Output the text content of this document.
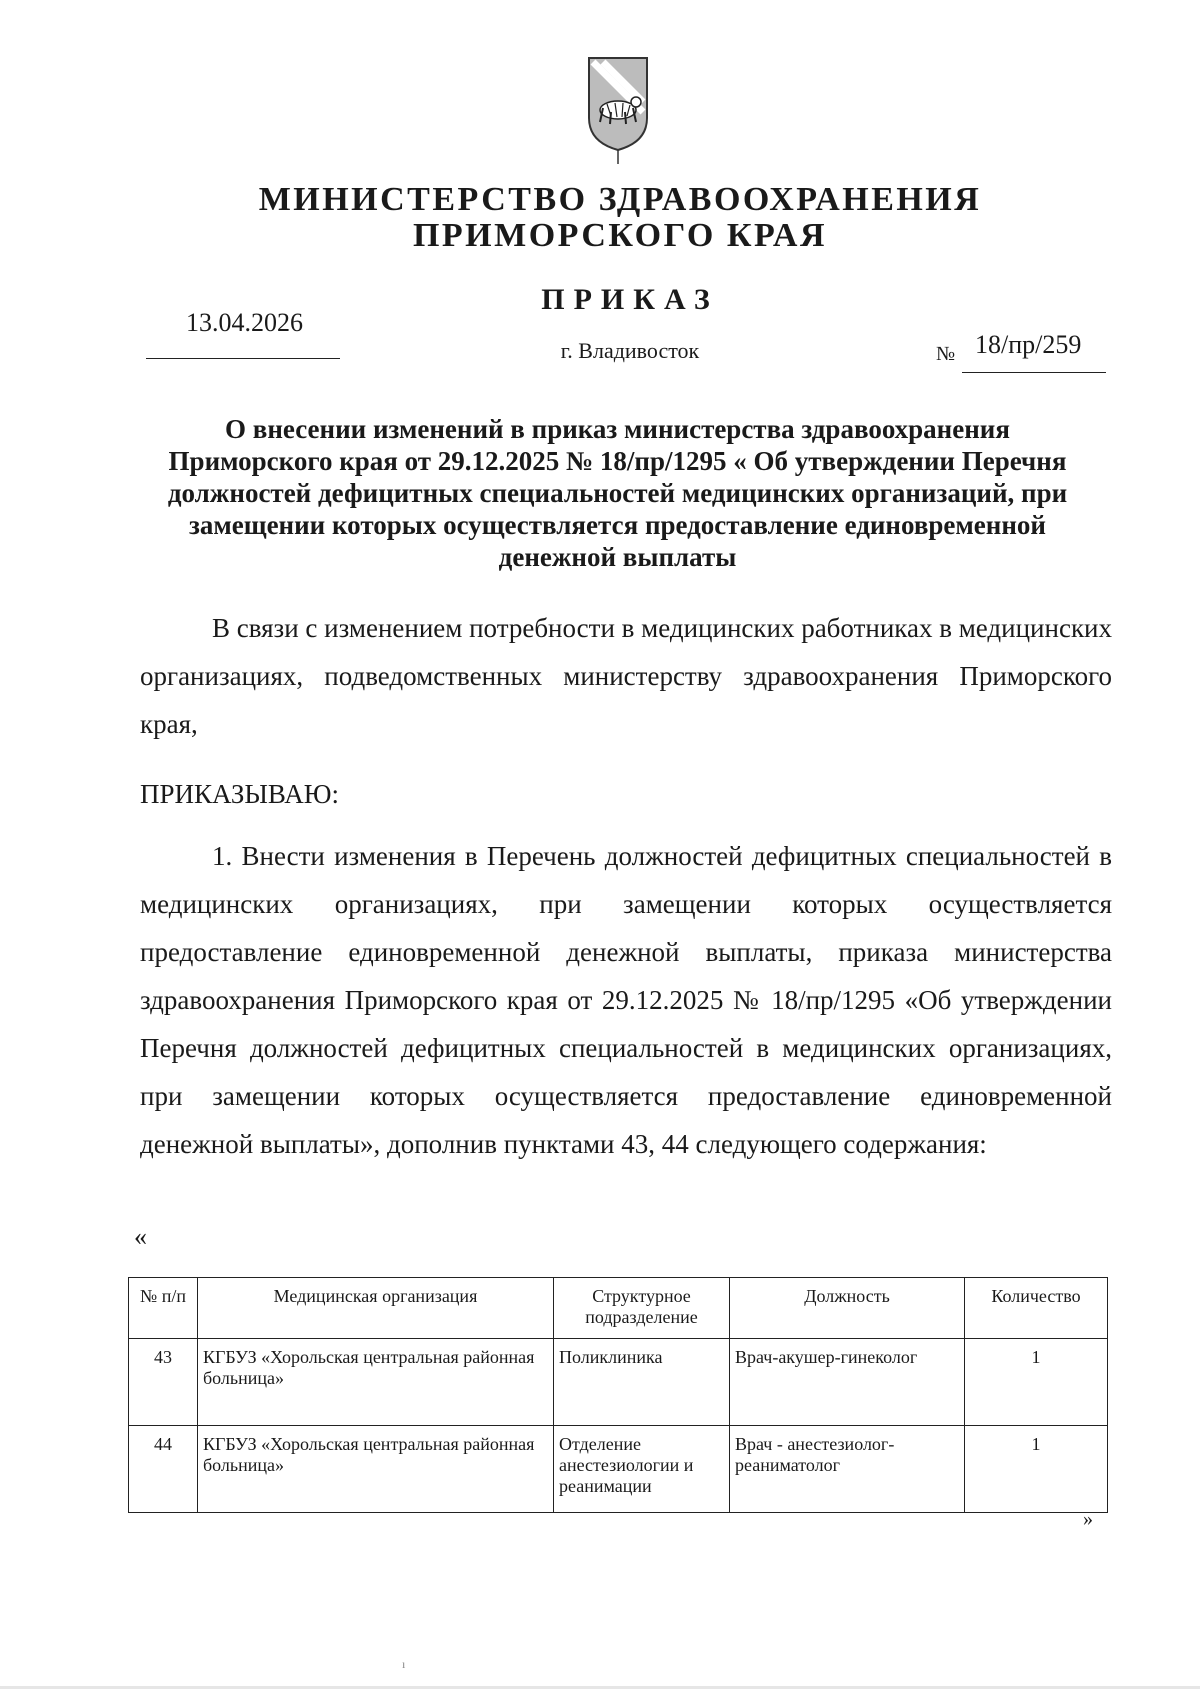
МИНИСТЕРСТВО ЗДРАВООХРАНЕНИЯ
ПРИМОРСКОГО КРАЯ
ПРИКАЗ
13.04.2026
г. Владивосток	№ 18/пр/259
О внесении изменений в приказ министерства здравоохранения
Приморского края от 29.12.2025 № 18/пр/1295 « Об утверждении Перечня
должностей дефицитных специальностей медицинских организаций, при
замещении которых осуществляется предоставление единовременной
денежной выплаты
В связи с изменением потребности в медицинских работниках в медицинских организациях, подведомственных министерству здравоохранения Приморского края,
ПРИКАЗЫВАЮ:
1. Внести изменения в Перечень должностей дефицитных специальностей в медицинских организациях, при замещении которых осуществляется предоставление единовременной денежной выплаты, приказа министерства здравоохранения Приморского края от 29.12.2025 № 18/пр/1295 «Об утверждении Перечня должностей дефицитных специальностей в медицинских организациях, при замещении которых осуществляется предоставление единовременной денежной выплаты», дополнив пунктами 43, 44 следующего содержания:
«
№ п/п	Медицинская организация	Структурное подразделение	Должность	Количество
43	КГБУЗ «Хорольская центральная районная больница»	Поликлиника	Врач-акушер-гинеколог	1
44	КГБУЗ «Хорольская центральная районная больница»	Отделение анестезиологии и реанимации	Врач - анестезиолог-реаниматолог	1
»
ı
